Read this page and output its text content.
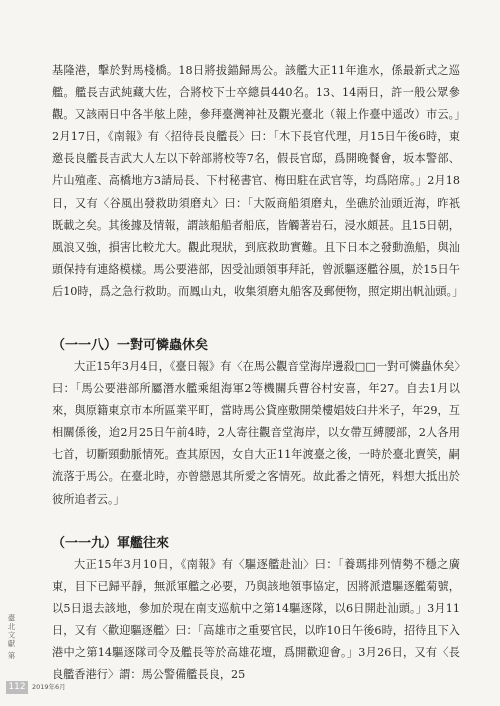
基隆港，擊於對馬棧橋。18日將拔錨歸馬公。該艦大正11年進水，係最新式之巡艦。艦長吉武純藏大佐，合將校下士卒總員440名。13、14兩日，許一般公眾參觀。又該兩日中各半舷上陸，參拜臺灣神社及觀光臺北（報上作臺中遥改）市云。」2月17日，《南報》有〈招待長良艦長〉曰：「木下長官代理，月15日午後6時，東邀長良艦長吉武大人左以下幹部將校等7名，假長官邸，爲開晚餐會，坂本警部、片山殖產、高橋地方3請局長、下村秘書官、梅田駐在武官等，均爲陪席。」2月18日，又有〈谷風出發救助須磨丸〉曰：「大阪商船須磨丸，坐礁於汕頭近海，昨祇既載之矣。其後據及情報，謂該船船者船底，皆觸著岩石，浸水頗甚。且15日朝，風浪又強，損害比較尤大。觀此現狀，到底救助實難。且下日本之發動漁船，與汕頭保持有連絡模樣。馬公要港部，因受汕頭領事拜託，曾派驅逐艦谷風，於15日午后10時，爲之急行救助。而鳳山丸，收集須磨丸船客及郵便物，照定期出帆汕頭。」

（一一八）一對可憐蟲休矣

大正15年3月4日，《臺日報》有〈在馬公觀音堂海岸邊殺□□一對可憐蟲休矣〉曰：「馬公要港部所屬潛水艦乘組海軍2等機關兵曹谷村安喜，年27。自去1月以來，與原籍東京市本所區業平町，當時馬公貸座敷開榮樓娼妓臼井米子，年29，互相關係後，迨2月25日午前4時，2人寄往觀音堂海岸，以女帶互縛腰部，2人各用七首，切斷頸動脈情死。查其原因，女自大正11年渡臺之後，一時於臺北賣笑，嗣流落于馬公。在臺北時，亦曾戀恩其所愛之客情死。故此番之情死，料想大抵出於彼所追者云。」

（一一九）軍艦往來

大正15年3月10日，《南報》有〈驅逐艦赴汕〉曰：「養瑪排列情勢不穩之廣東，目下已歸平靜，無派軍艦之必要，乃與該地領事協定，因將派遣驅逐艦菊號，以5日退去該地，參加於現在南支巡航中之第14驅逐隊，以6日開赴汕頭。」3月11日，又有〈歡迎驅逐艦〉曰：「高雄市之重要官民，以昨10日午後6時，招待且下入港中之第14驅逐隊司令及艦長等於高雄花壇，爲開歡迎會。」3月26日，又有〈長良艦香港行〉謂：馬公警備艦長良，25

臺北文獻 第
112 2019年6月
